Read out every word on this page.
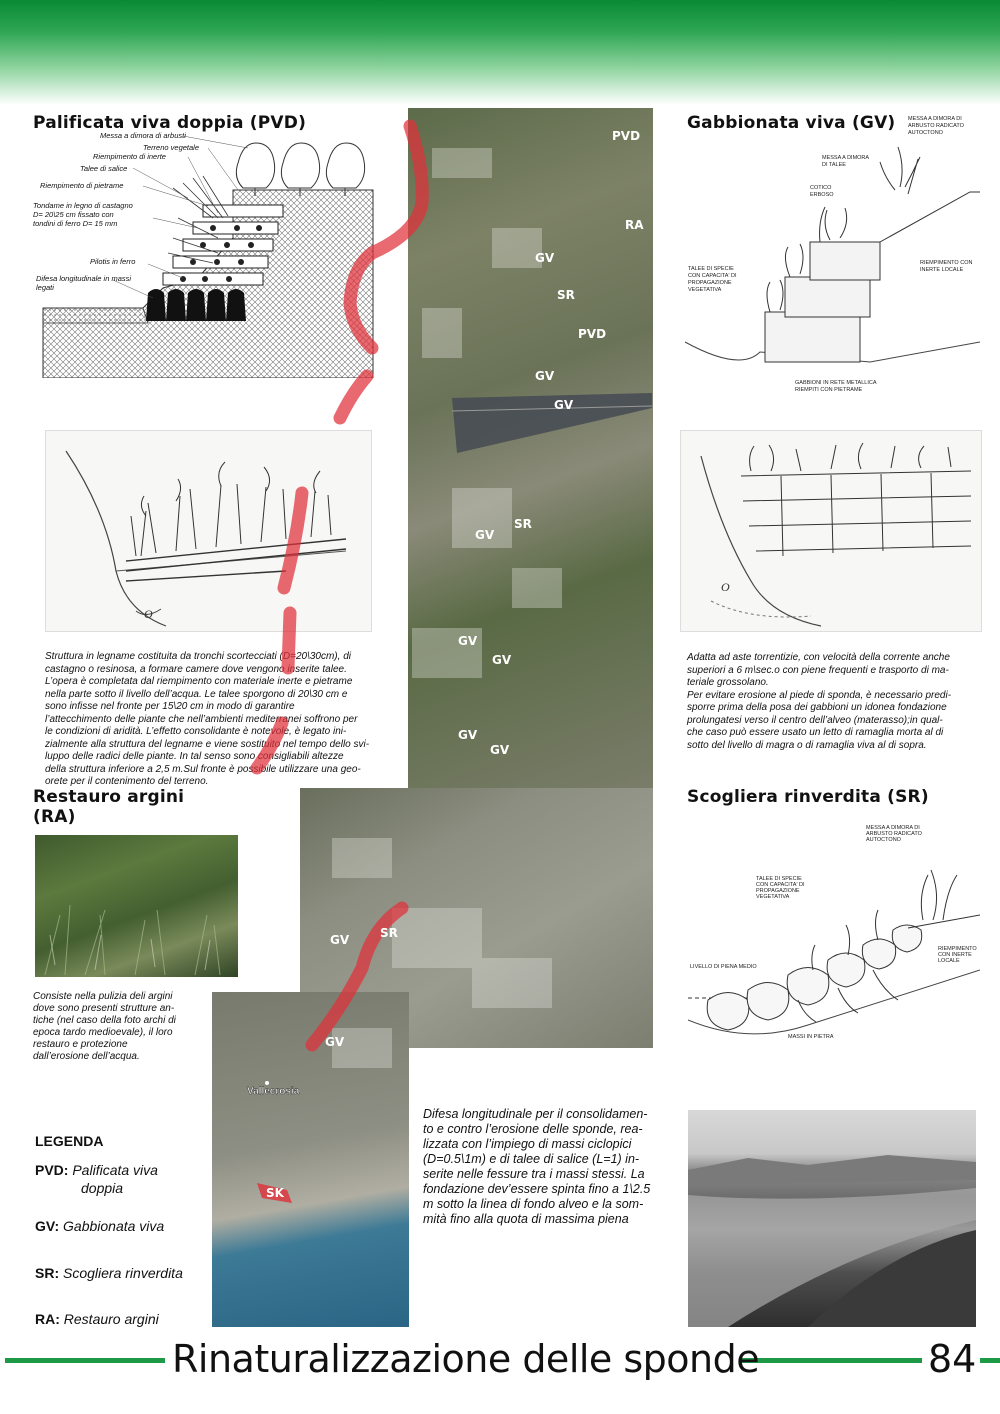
Palificata viva doppia (PVD)	Gabbionata viva (GV)
Restauro argini
(RA)
Scogliera rinverdita (SR)
Messa a dimora di arbusti
Terreno vegetale
Riempimento di inerte
Talee di salice
Riempimento di pietrame
Tondame in legno di castagno
D= 20\25 cm fissato con
tondini di ferro D= 15 mm
Pilotis in ferro
Difesa longitudinale in massi
legati
O
Struttura in legname costituita da tronchi scortecciati (D=20\30cm), di
castagno o resinosa, a formare camere dove vengono inserite talee.
L’opera è completata dal riempimento con materiale inerte e pietrame
nella parte sotto il livello dell’acqua. Le talee sporgono di 20\30 cm e
sono infisse nel fronte per 15\20 cm in modo di garantire
l’attecchimento delle piante che nell’ambienti mediterranei soffrono per
le condizioni di aridità. L’effetto consolidante è notevole, è legato ini-
zialmente alla struttura del legname e viene sostituito nel tempo dello svi-
luppo delle radici delle piante. In tal senso sono consigliabili altezze
della struttura inferiore a 2,5 m.Sul fronte è possibile utilizzare una geo-
orete per il contenimento del terreno.
PVD
RA
GV
SR
PVD
GV
GV
SR
GV
GV
GV
GV
GV
GV	SR
GV
SK
Vallecrosia
MESSA A DIMORA DI
ARBUSTO RADICATO
AUTOCTONO
MESSA A DIMORA
DI TALEE
COTICO
ERBOSO
TALEE DI SPECIE
CON CAPACITA' DI
PROPAGAZIONE
VEGETATIVA
RIEMPIMENTO CON
INERTE LOCALE
GABBIONI IN RETE METALLICA
RIEMPITI CON PIETRAME
O
Adatta ad aste torrentizie, con velocità della corrente anche
superiori a 6 m\sec.o con piene frequenti e trasporto di ma-
teriale grossolano.
Per evitare erosione al piede di sponda, è necessario predi-
sporre prima della posa dei gabbioni un idonea fondazione
prolungatesi verso il centro dell’alveo (materasso);in qual-
che caso può essere usato un letto di ramaglia morta al di
sotto del livello di magra o di ramaglia viva al di sopra.
Consiste nella pulizia deli argini
dove sono presenti strutture an-
tiche (nel caso della foto archi di
epoca tardo medioevale), il loro
restauro e protezione
dall’erosione dell’acqua.
MESSA A DIMORA DI
ARBUSTO RADICATO
AUTOCTONO
TALEE DI SPECIE
CON CAPACITA' DI
PROPAGAZIONE
VEGETATIVA
LIVELLO DI PIENA MEDIO
RIEMPIMENTO
CON INERTE
LOCALE
MASSI IN PIETRA
Difesa longitudinale per il consolidamen-
to e contro l’erosione delle sponde, rea-
lizzata con l’impiego di massi ciclopici
(D=0.5\1m) e di talee di salice (L=1) in-
serite nelle fessure tra i massi stessi. La
fondazione dev’essere spinta fino a 1\2.5
m sotto la linea di fondo alveo e la som-
mità fino alla quota di massima piena
LEGENDA
PVD: Palificata viva
doppia
GV: Gabbionata viva
SR: Scogliera rinverdita
RA: Restauro argini
Rinaturalizzazione delle sponde	84
